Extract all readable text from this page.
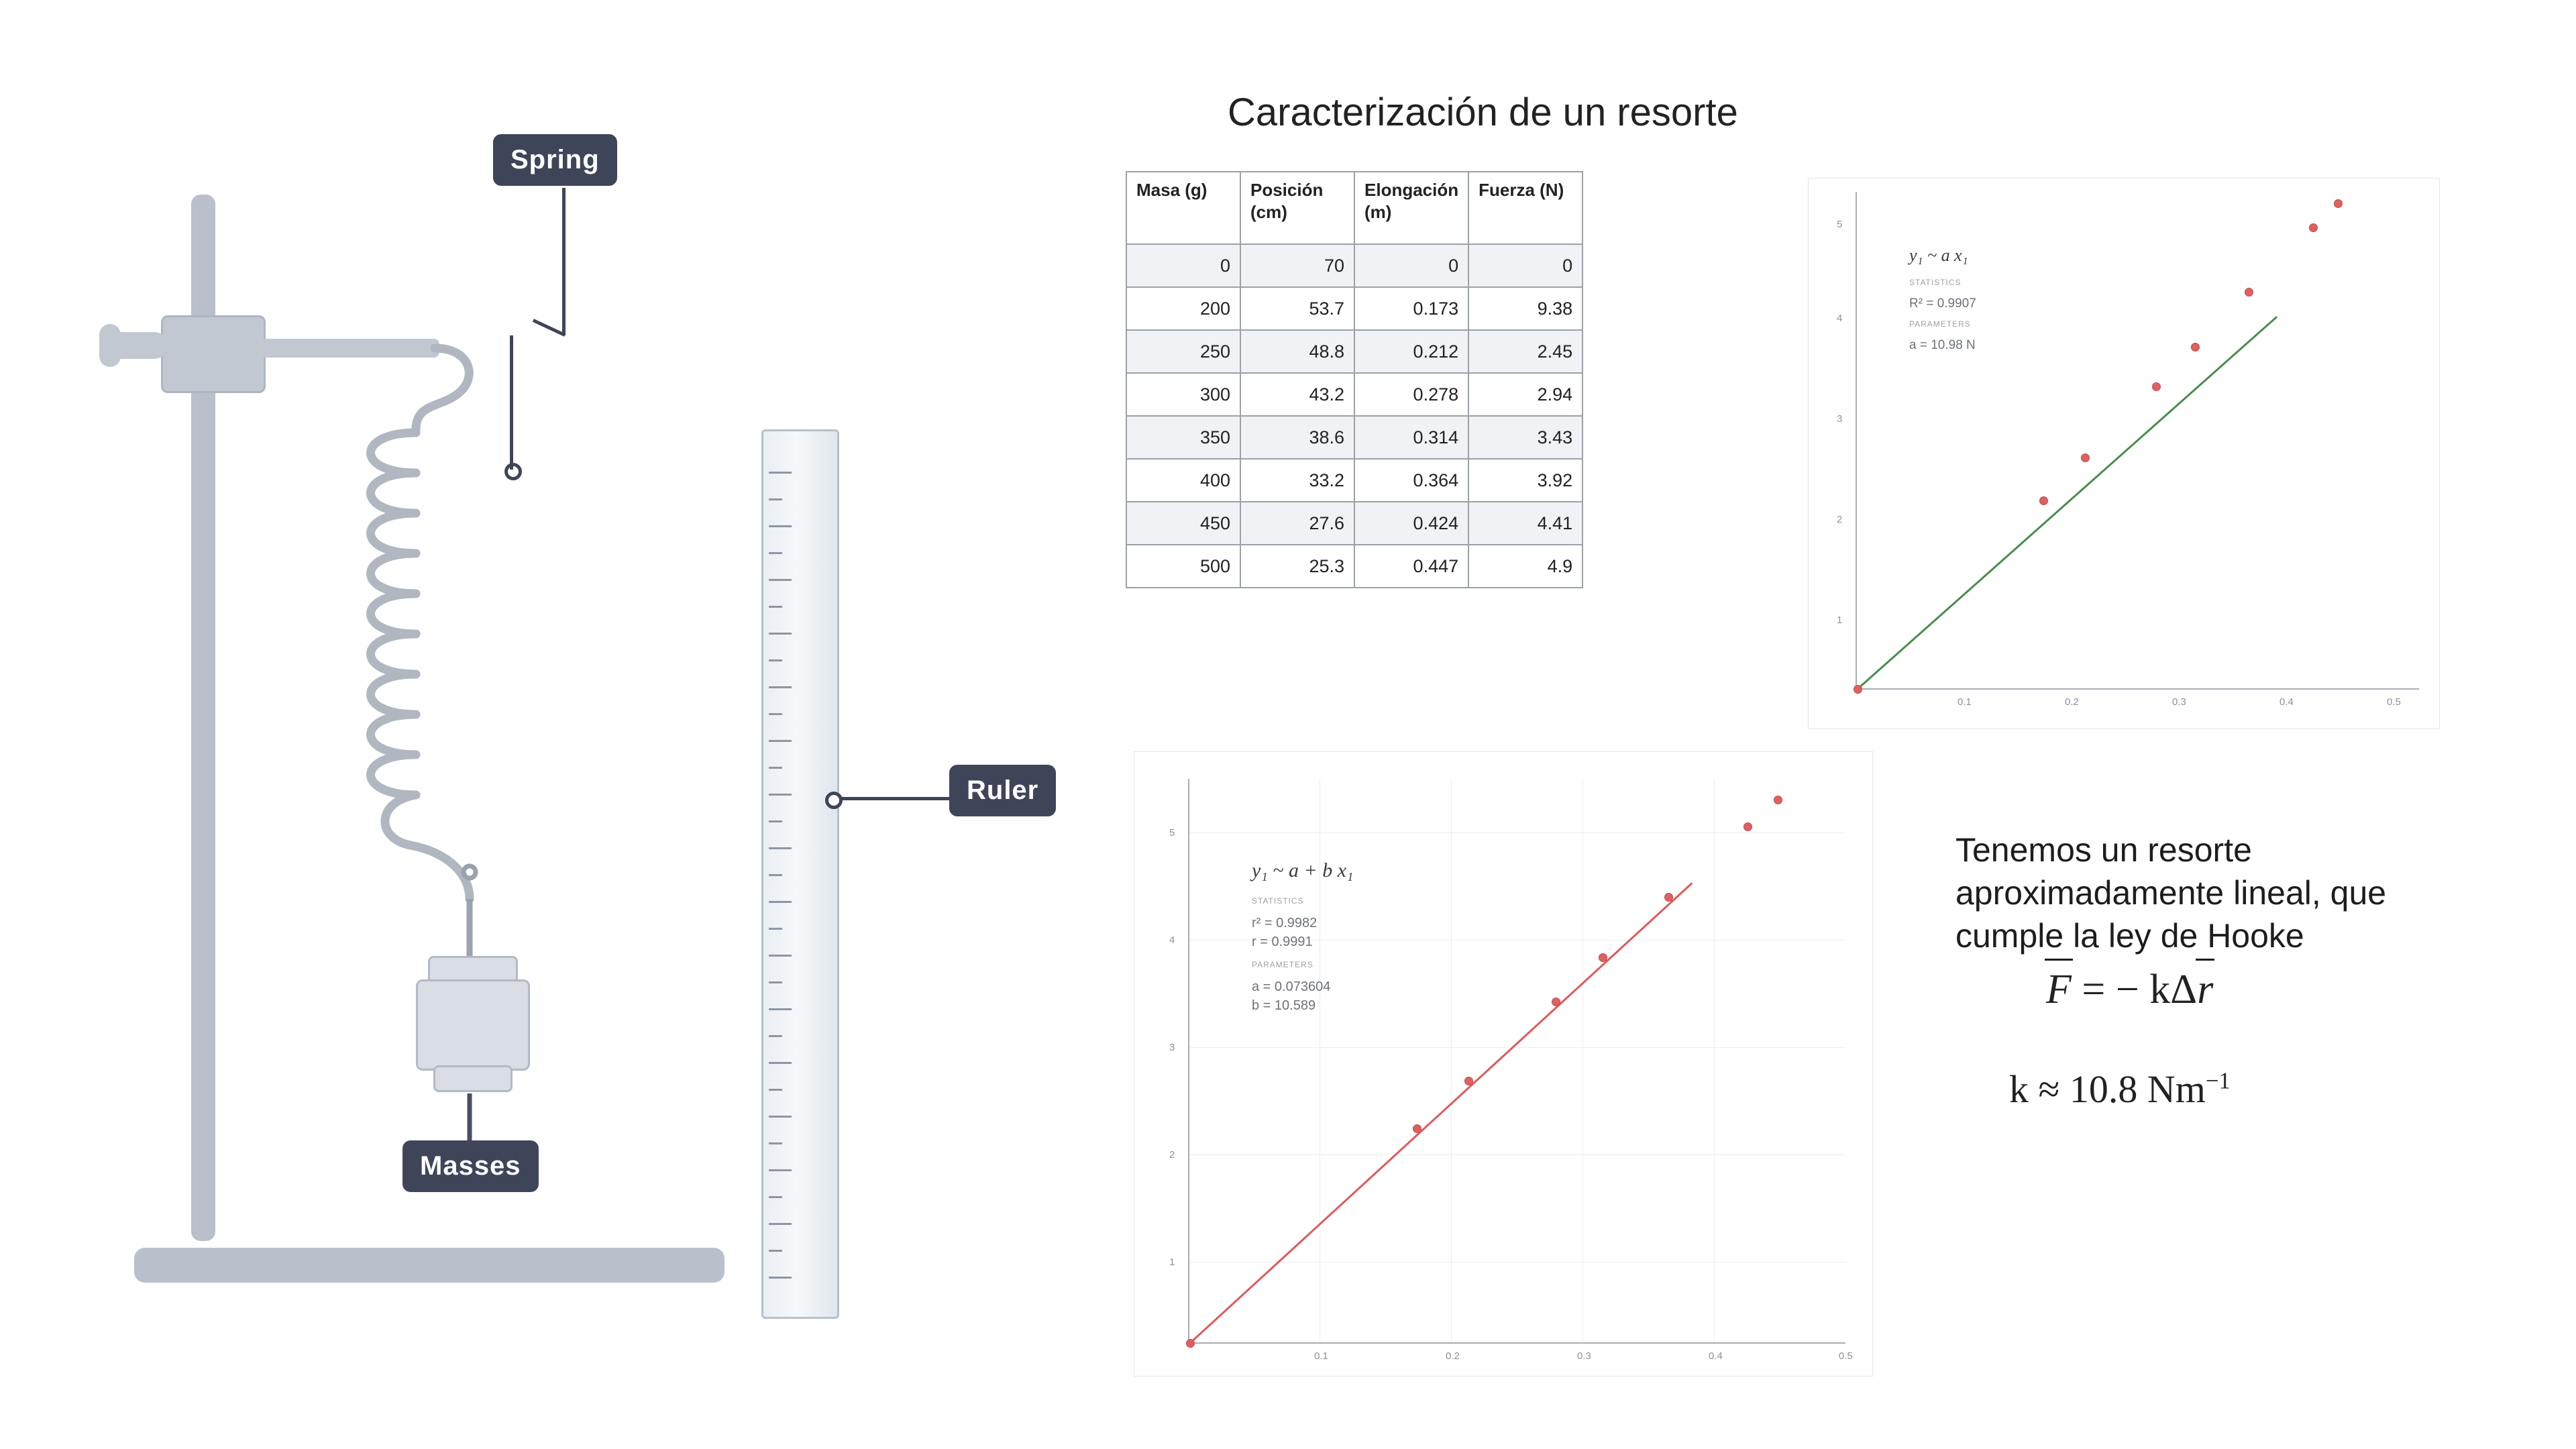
Spring
Ruler
Masses
Caracterización de un resorte
Masa (g)	Posición (cm)	Elongación (m)	Fuerza (N)
0	70	0	0
200	53.7	0.173	9.38
250	48.8	0.212	2.45
300	43.2	0.278	2.94
350	38.6	0.314	3.43
400	33.2	0.364	3.92
450	27.6	0.424	4.41
500	25.3	0.447	4.9
5
4
3
2
1
0.1	0.2	0.3	0.4	0.5
y₁ ~ a x₁
STATISTICS
R² = 0.9907
PARAMETERS
a = 10.98 N
5
4
3
2
1
0.1	0.2	0.3	0.4	0.5
y₁ ~ a + b x₁
STATISTICS
r² = 0.9982
r = 0.9991
PARAMETERS
a = 0.073604
b = 10.589

Tenemos un resorte aproximadamente lineal, que cumple la ley de Hooke

F = − kΔr
k ≈ 10.8 $Nm^{-1}$
